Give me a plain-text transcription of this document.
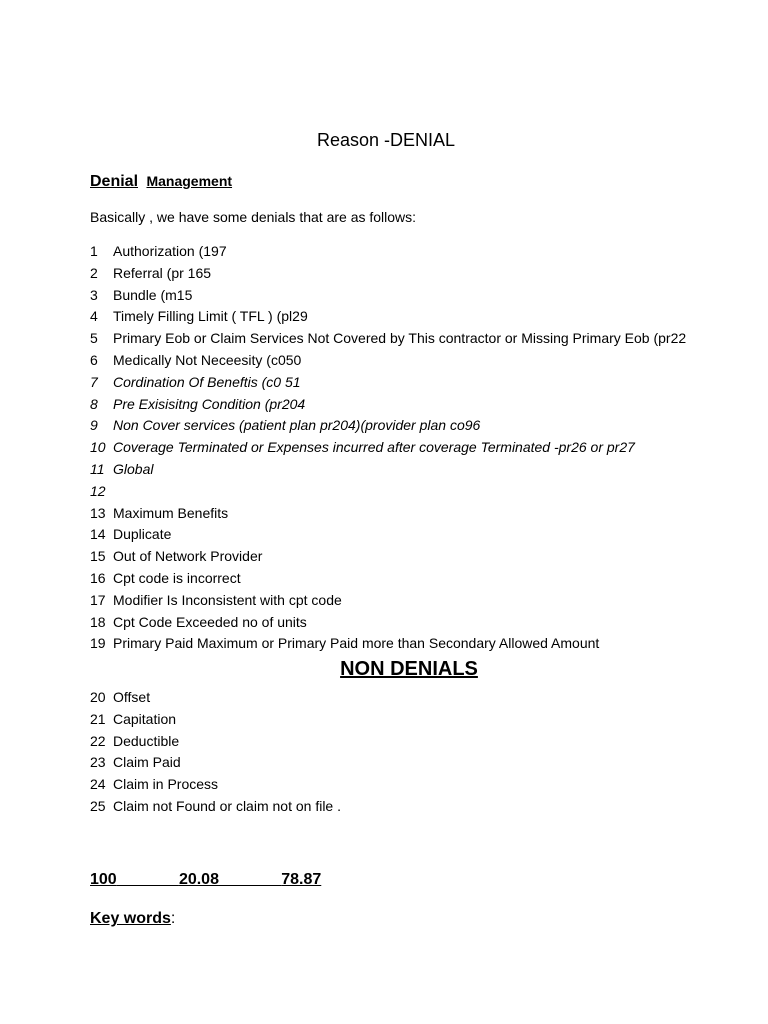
Reason -DENIAL
Denial Management
Basically , we have some denials that are as follows:
1	Authorization (197
2	Referral (pr 165
3	Bundle (m15
4	Timely Filling Limit ( TFL ) (pl29
5	Primary Eob or Claim Services Not Covered by This contractor or Missing Primary Eob (pr22
6	Medically Not Neceesity (c050
7	Cordination Of Beneftis (c0 51
8	Pre Exisisitng Condition (pr204
9	Non Cover services (patient plan pr204)(provider plan co96
10 Coverage Terminated or Expenses incurred after coverage Terminated -pr26 or pr27
11 Global
12
13 Maximum Benefits
14 Duplicate
15 Out of Network Provider
16 Cpt code is incorrect
17 Modifier Is Inconsistent with cpt code
18 Cpt Code Exceeded no of units
19 Primary Paid Maximum or Primary Paid more than Secondary Allowed Amount
NON DENIALS
20 Offset
21 Capitation
22 Deductible
23 Claim Paid
24 Claim in Process
25 Claim not Found or claim not on file .
100	20.08	78.87
Key words:
